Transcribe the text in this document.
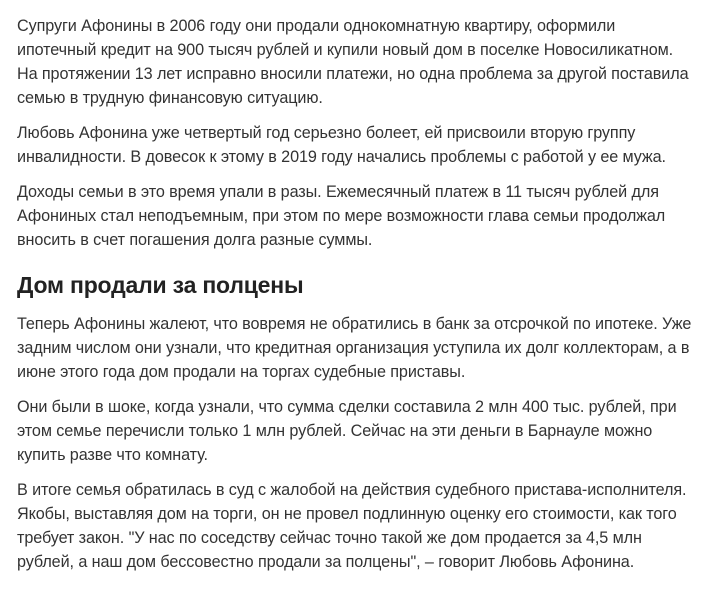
Супруги Афонины в 2006 году они продали однокомнатную квартиру, оформили ипотечный кредит на 900 тысяч рублей и купили новый дом в поселке Новосиликатном. На протяжении 13 лет исправно вносили платежи, но одна проблема за другой поставила семью в трудную финансовую ситуацию.

Любовь Афонина уже четвертый год серьезно болеет, ей присвоили вторую группу инвалидности. В довесок к этому в 2019 году начались проблемы с работой у ее мужа.

Доходы семьи в это время упали в разы. Ежемесячный платеж в 11 тысяч рублей для Афониных стал неподъемным, при этом по мере возможности глава семьи продолжал вносить в счет погашения долга разные суммы.

Дом продали за полцены

Теперь Афонины жалеют, что вовремя не обратились в банк за отсрочкой по ипотеке. Уже задним числом они узнали, что кредитная организация уступила их долг коллекторам, а в июне этого года дом продали на торгах судебные приставы.

Они были в шоке, когда узнали, что сумма сделки составила 2 млн 400 тыс. рублей, при этом семье перечисли только 1 млн рублей. Сейчас на эти деньги в Барнауле можно купить разве что комнату.

В итоге семья обратилась в суд с жалобой на действия судебного пристава-исполнителя. Якобы, выставляя дом на торги, он не провел подлинную оценку его стоимости, как того требует закон. "У нас по соседству сейчас точно такой же дом продается за 4,5 млн рублей, а наш дом бессовестно продали за полцены", – говорит Любовь Афонина.
